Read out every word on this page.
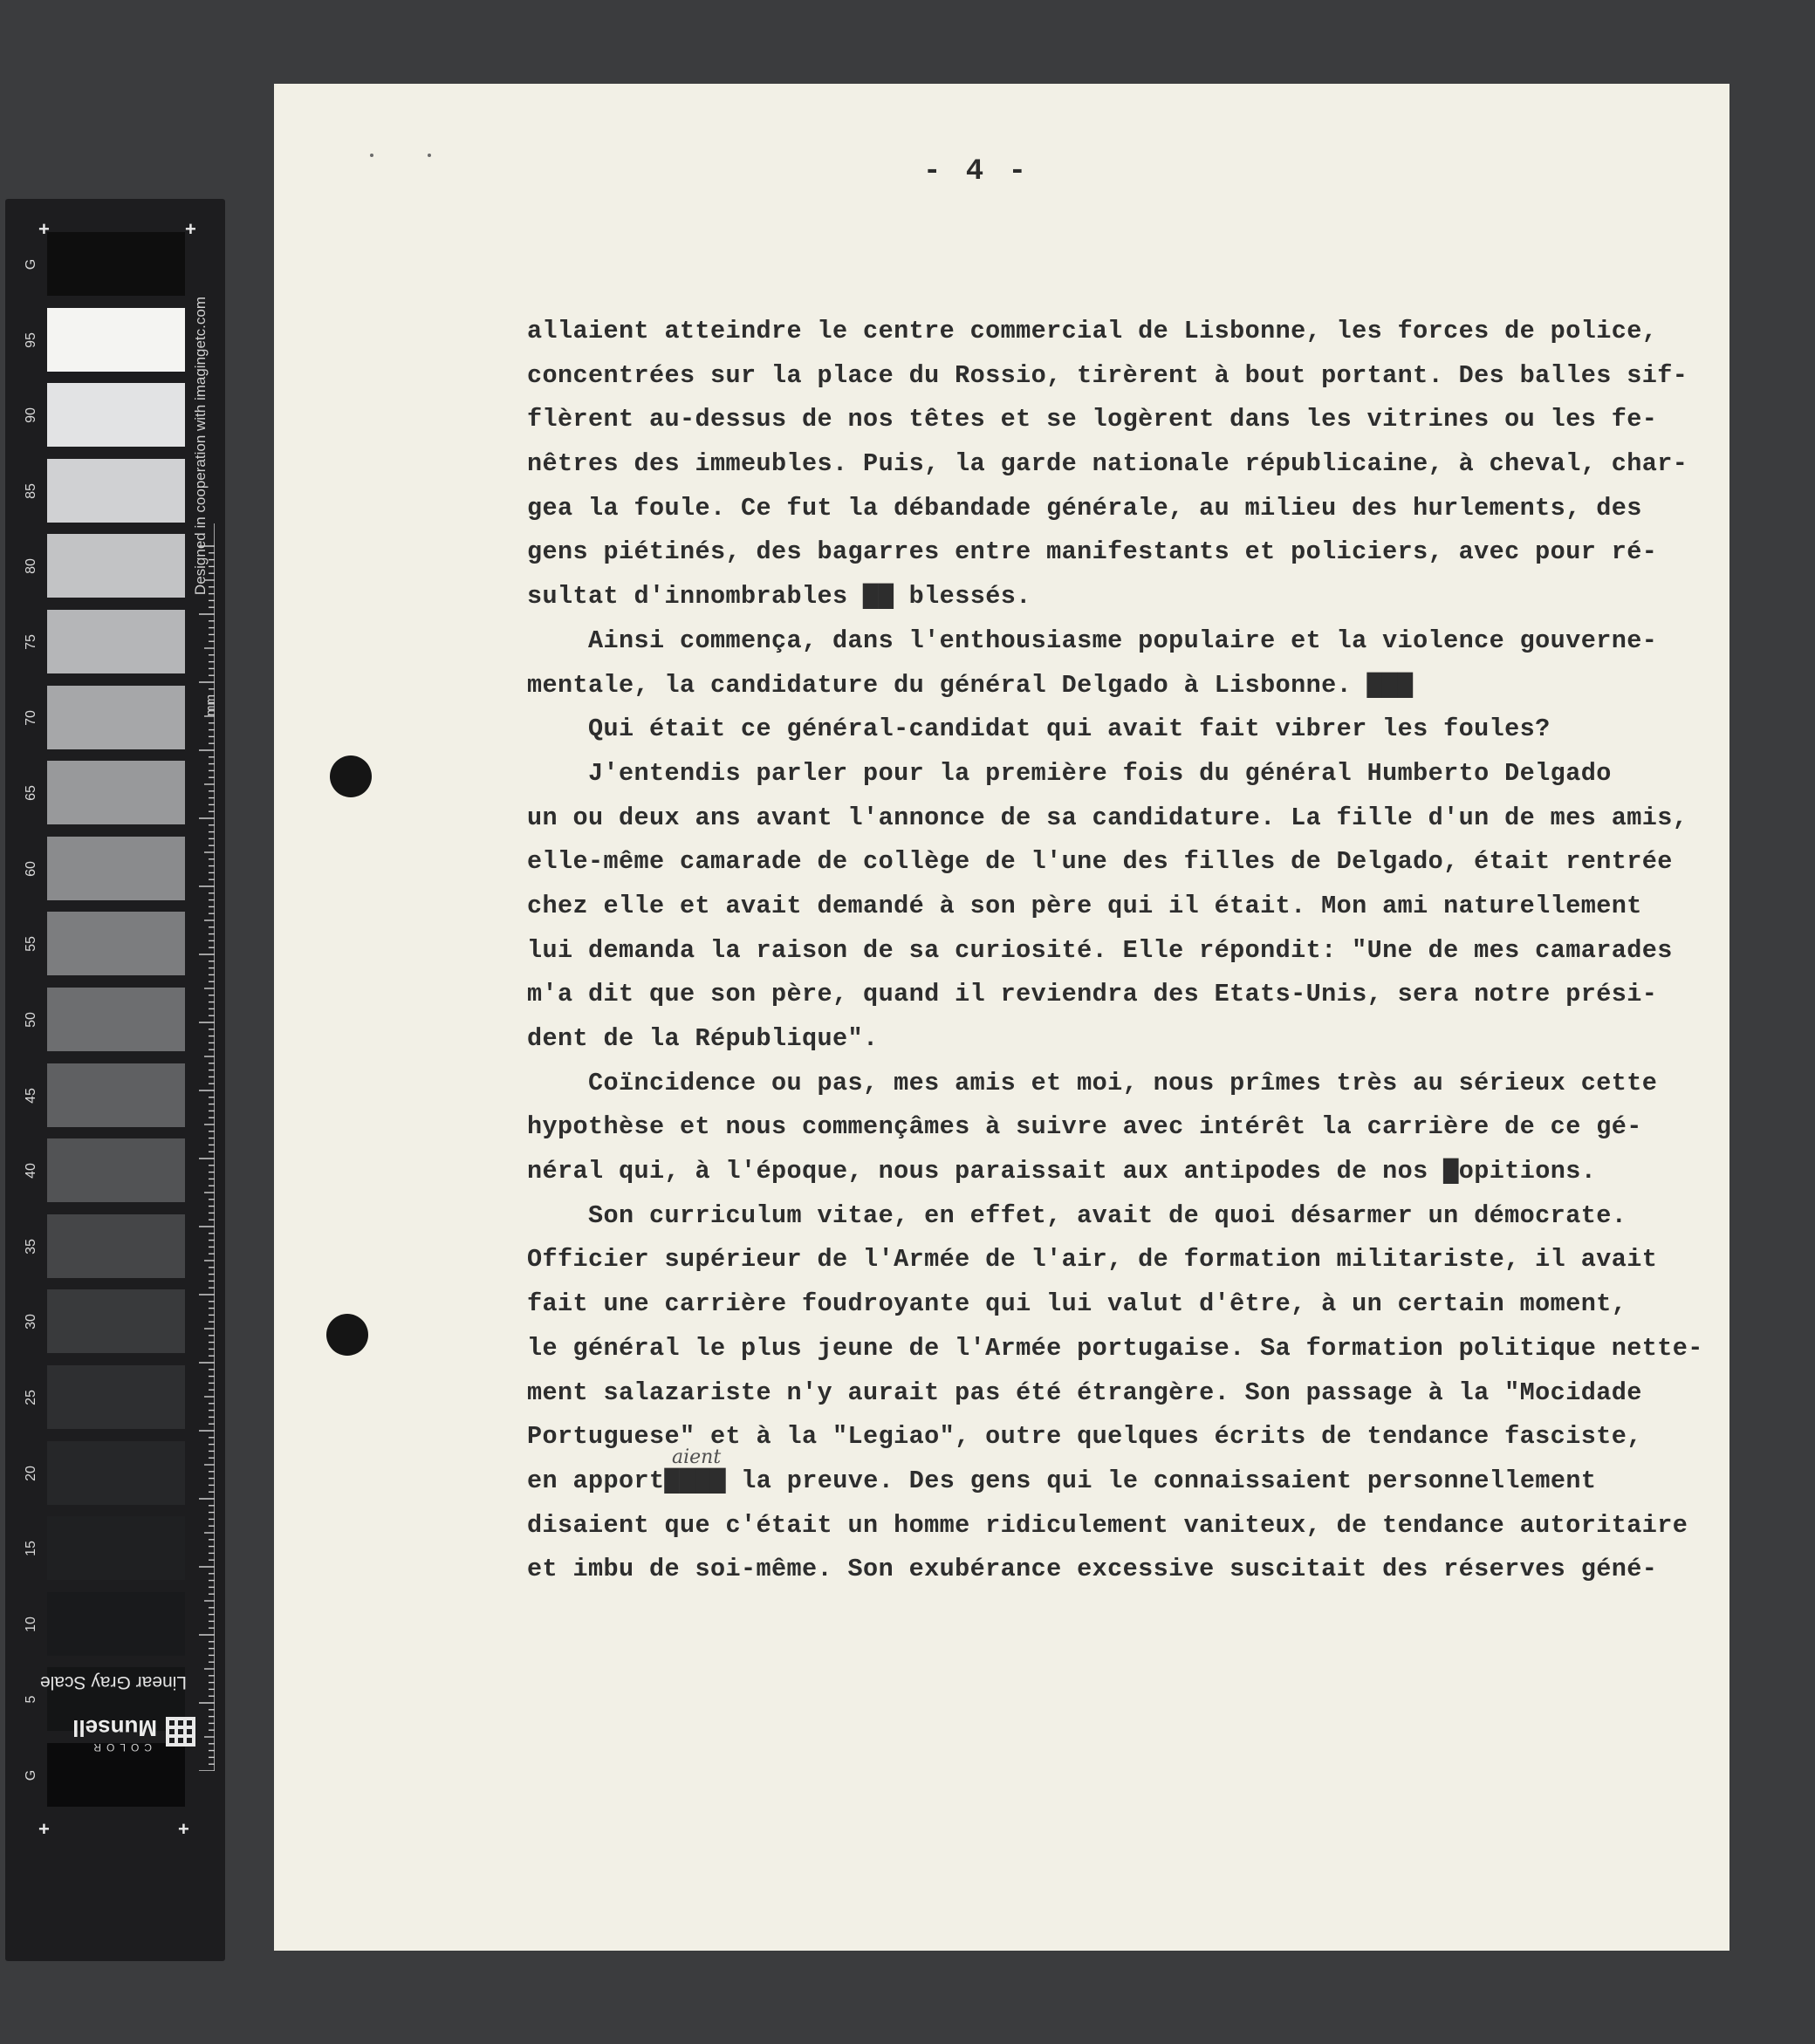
G
95
90
85
80
75
70
65
60
55
50
45
40
35
30
25
20
15
10
5
G
+	+
+	+
Designed in cooperation with imagingetc.com
mm
Linear Gray Scale
Munsell
COLOR
- 4 -
allaient atteindre le centre commercial de Lisbonne, les forces de police,
concentrées sur la place du Rossio, tirèrent à bout portant. Des balles sif-
flèrent au-dessus de nos têtes et se logèrent dans les vitrines ou les fe-
nêtres des immeubles. Puis, la garde nationale républicaine, à cheval, char-
gea la foule. Ce fut la débandade générale, au milieu des hurlements, des
gens piétinés, des bagarres entre manifestants et policiers, avec pour ré-
sultat d'innombrables ▇▇ blessés.
Ainsi commença, dans l'enthousiasme populaire et la violence gouverne-
mentale, la candidature du général Delgado à Lisbonne. ▇▇▇
Qui était ce général-candidat qui avait fait vibrer les foules?
J'entendis parler pour la première fois du général Humberto Delgado
un ou deux ans avant l'annonce de sa candidature. La fille d'un de mes amis,
elle-même camarade de collège de l'une des filles de Delgado, était rentrée
chez elle et avait demandé à son père qui il était. Mon ami naturellement
lui demanda la raison de sa curiosité. Elle répondit: "Une de mes camarades
m'a dit que son père, quand il reviendra des Etats-Unis, sera notre prési-
dent de la République".
Coïncidence ou pas, mes amis et moi, nous prîmes très au sérieux cette
hypothèse et nous commençâmes à suivre avec intérêt la carrière de ce gé-
néral qui, à l'époque, nous paraissait aux antipodes de nos ▇opitions.
Son curriculum vitae, en effet, avait de quoi désarmer un démocrate.
Officier supérieur de l'Armée de l'air, de formation militariste, il avait
fait une carrière foudroyante qui lui valut d'être, à un certain moment,
le général le plus jeune de l'Armée portugaise. Sa formation politique nette-
ment salazariste n'y aurait pas été étrangère. Son passage à la "Mocidade
Portuguese" et à la "Legiao", outre quelques écrits de tendance fasciste,
en apport▇▇▇▇ la preuve. Des gens qui le connaissaient personnellement
disaient que c'était un homme ridiculement vaniteux, de tendance autoritaire
et imbu de soi-même. Son exubérance excessive suscitait des réserves géné-
aient
